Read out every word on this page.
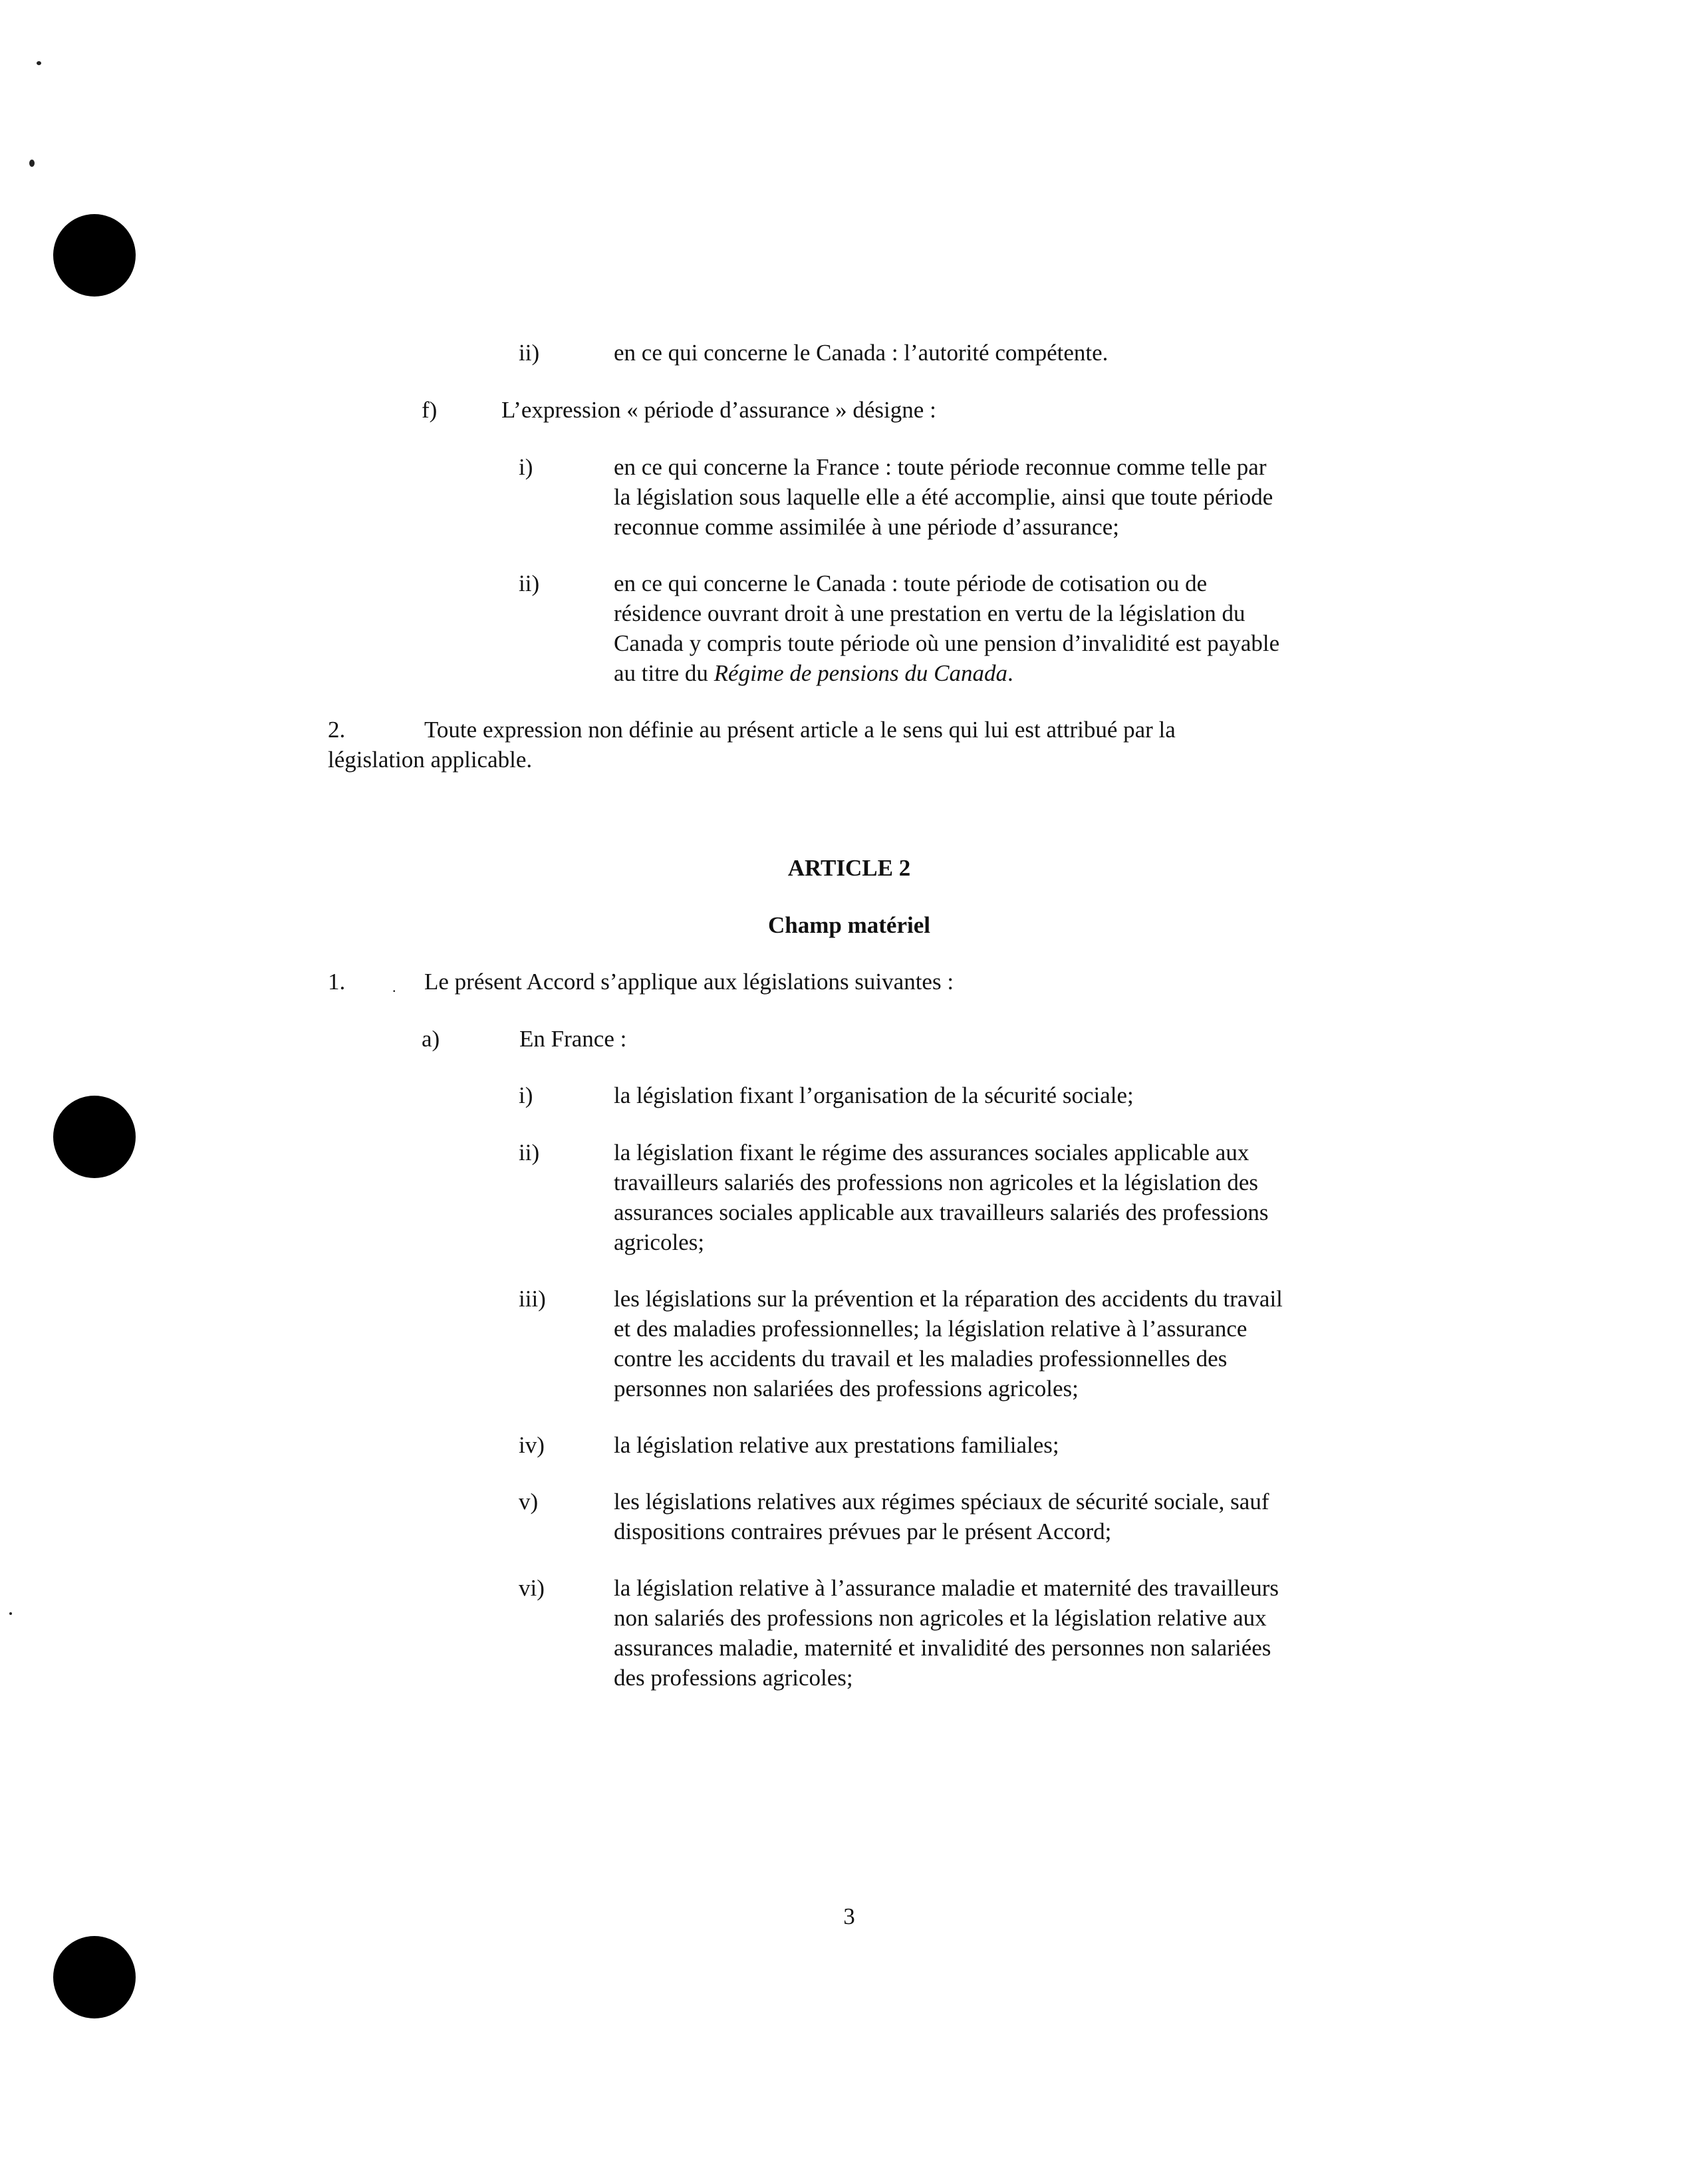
ii)	en ce qui concerne le Canada : l’autorité compétente.
f)	L’expression « période d’assurance » désigne :
i)	en ce qui concerne la France : toute période reconnue comme telle par
la législation sous laquelle elle a été accomplie, ainsi que toute période
reconnue comme assimilée à une période d’assurance;
ii)	en ce qui concerne le Canada : toute période de cotisation ou de
résidence ouvrant droit à une prestation en vertu de la législation du
Canada y compris toute période où une pension d’invalidité est payable
au titre du Régime de pensions du Canada.
2.	Toute expression non définie au présent article a le sens qui lui est attribué par la
législation applicable.
ARTICLE 2
Champ matériel
1.	. Le présent Accord s’applique aux législations suivantes :
a)	En France :
i)	la législation fixant l’organisation de la sécurité sociale;
ii)	la législation fixant le régime des assurances sociales applicable aux
travailleurs salariés des professions non agricoles et la législation des
assurances sociales applicable aux travailleurs salariés des professions
agricoles;
iii)	les législations sur la prévention et la réparation des accidents du travail
et des maladies professionnelles; la législation relative à l’assurance
contre les accidents du travail et les maladies professionnelles des
personnes non salariées des professions agricoles;
iv)	la législation relative aux prestations familiales;
v)	les législations relatives aux régimes spéciaux de sécurité sociale, sauf
dispositions contraires prévues par le présent Accord;
vi)	la législation relative à l’assurance maladie et maternité des travailleurs
non salariés des professions non agricoles et la législation relative aux
assurances maladie, maternité et invalidité des personnes non salariées
des professions agricoles;
3
